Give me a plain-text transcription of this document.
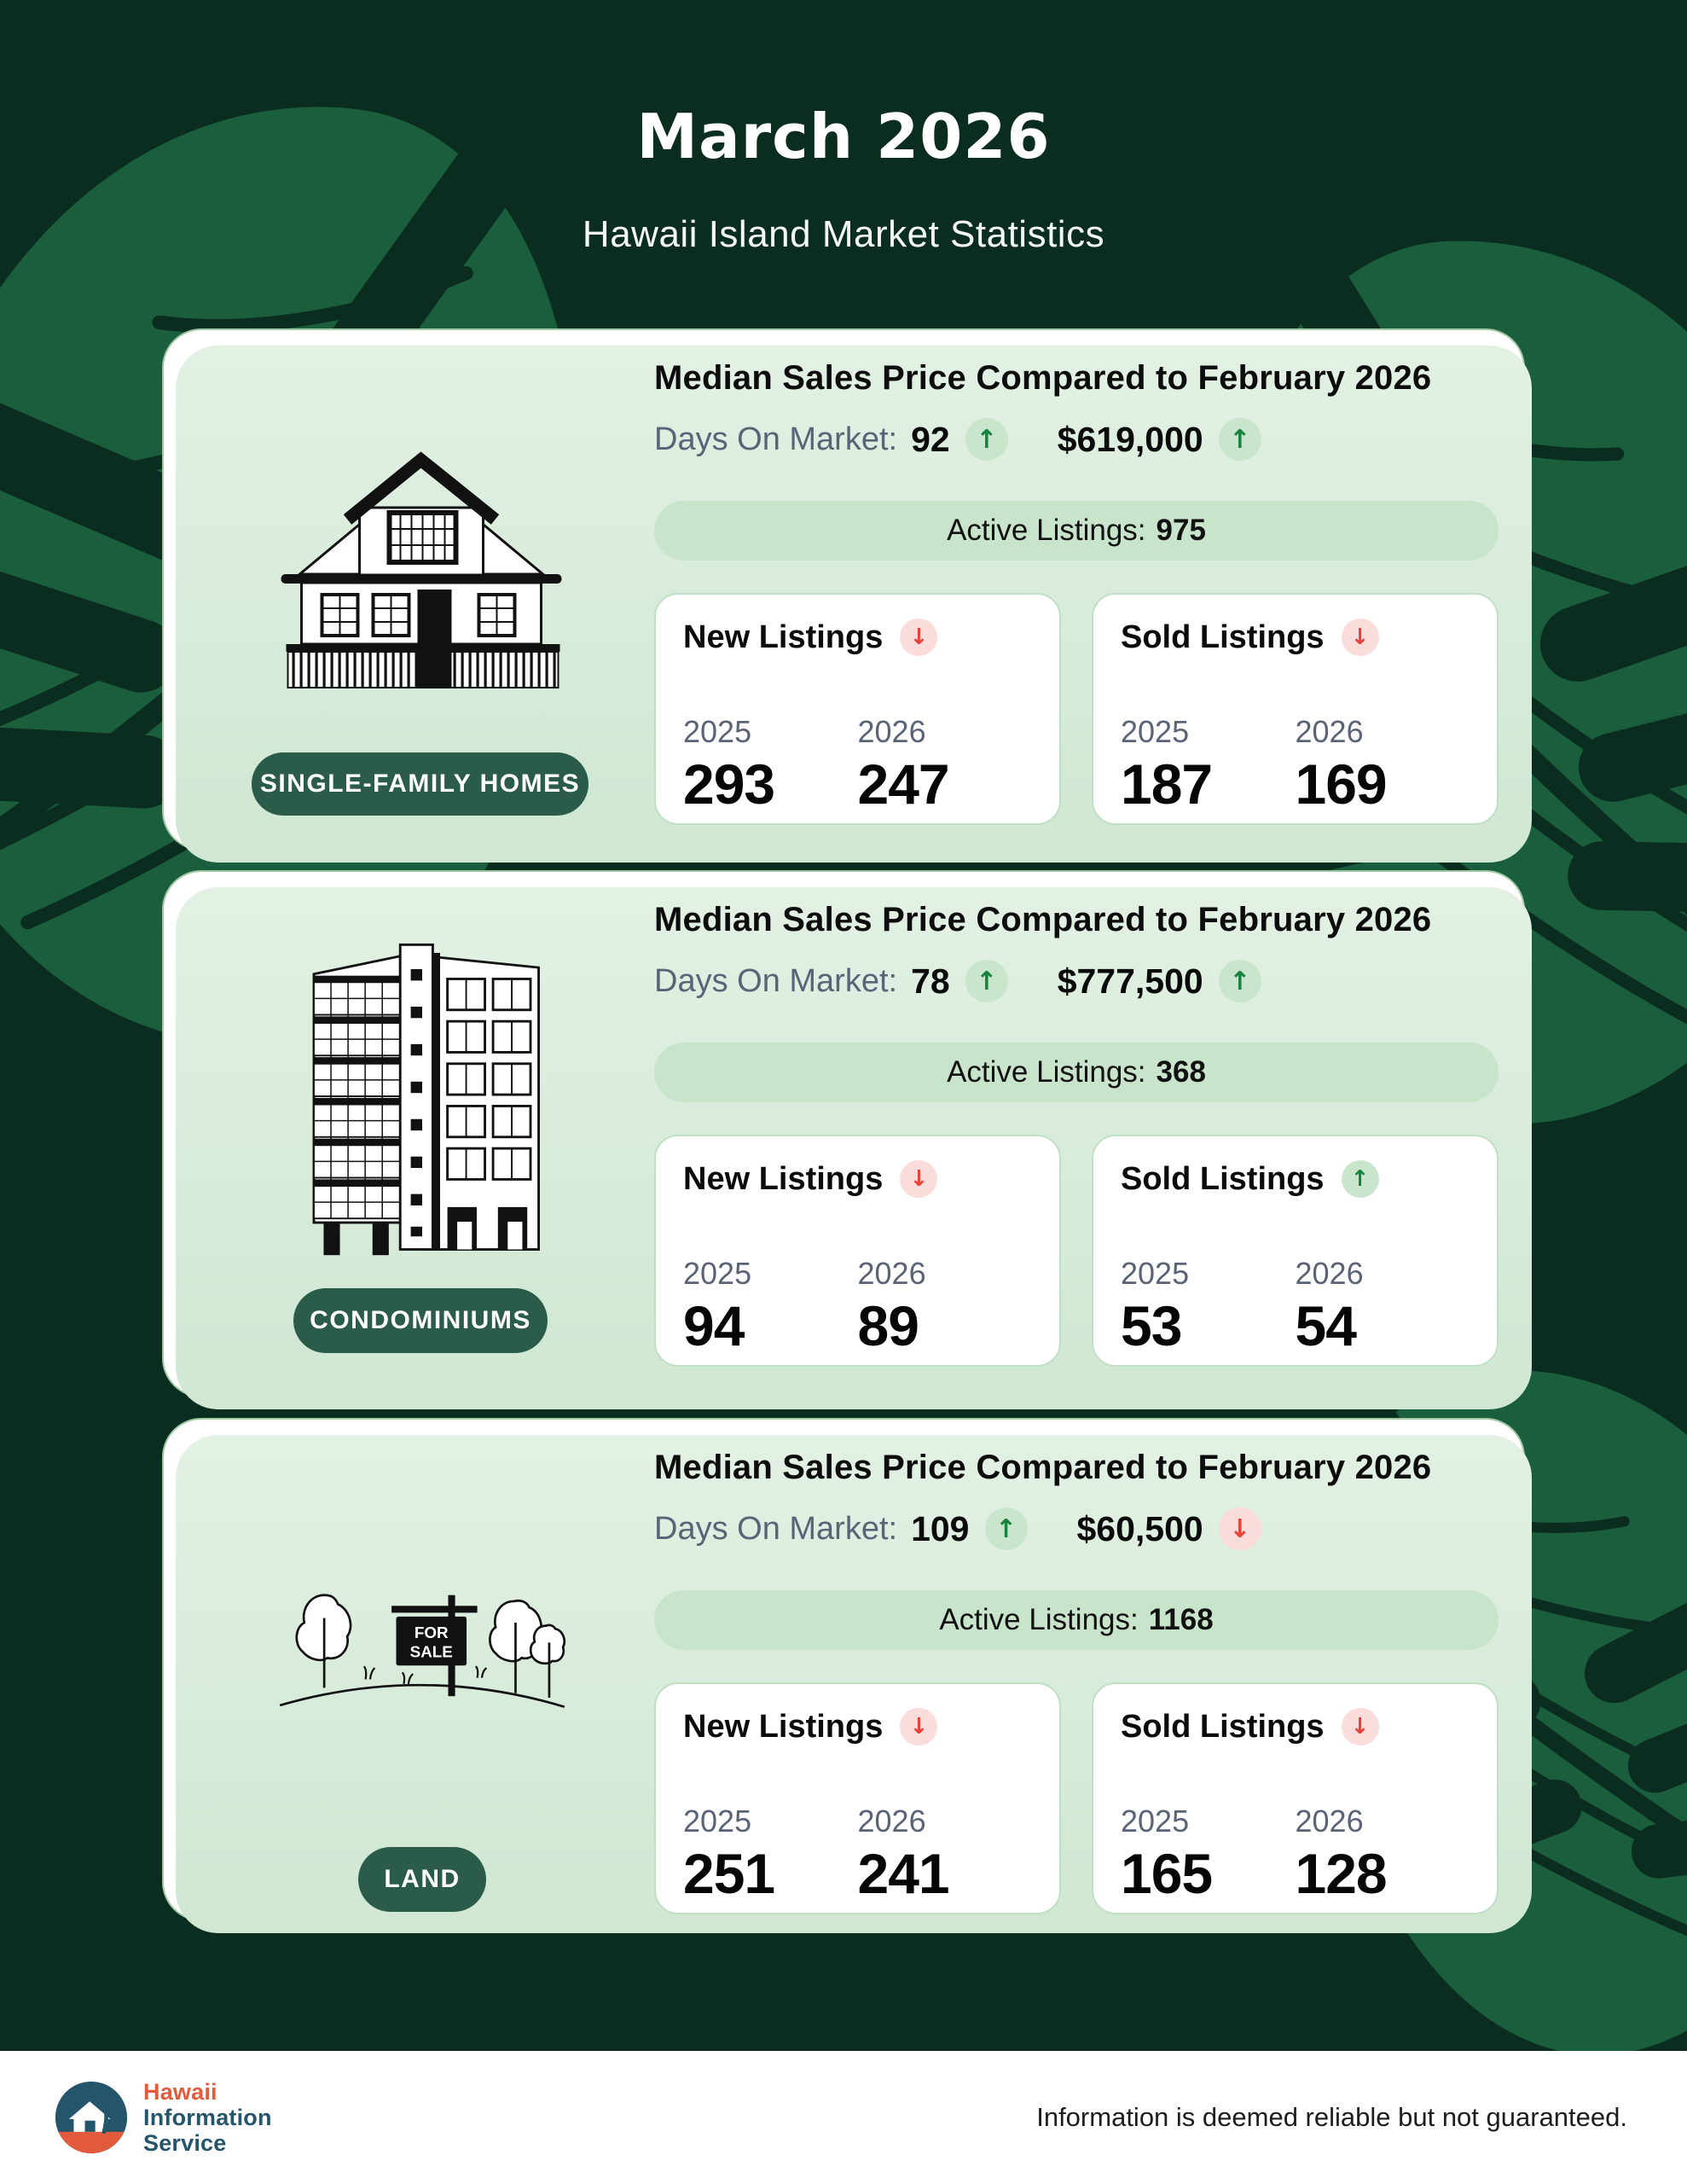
March 2026
Hawaii Island Market Statistics
SINGLE-FAMILY HOMES
Median Sales Price Compared to February 2026
Days On Market: 92	↑	$619,000	↑
Active Listings: 975
New Listings	↓
2025	2026
293	247
Sold Listings	↓
2025	2026
187	169
CONDOMINIUMS
Median Sales Price Compared to February 2026
Days On Market: 78	↑	$777,500	↑
Active Listings: 368
New Listings	↓
2025	2026
94	89
Sold Listings	↑
2025	2026
53	54
FOR
SALE
LAND
Median Sales Price Compared to February 2026
Days On Market: 109	↑	$60,500	↓
Active Listings: 1168
New Listings	↓
2025	2026
251	241
Sold Listings	↓
2025	2026
165	128
Hawaii
Information
Service
Information is deemed reliable but not guaranteed.
